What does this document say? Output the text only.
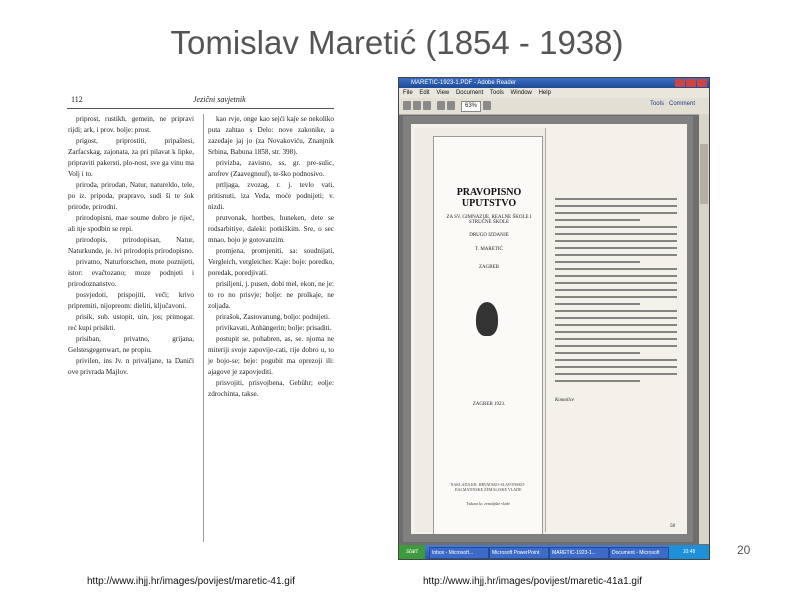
Tomislav Maretić (1854 - 1938)
112	Jezični savjetnik

priprost, rustikh, gemein, ne pripravi rijdi; ark, i prov. bolje: prost.

prigost, priprostiti, pripaštesi, Zarfacskag, zajonata, za pri pilavat k lipke, pripraviti pakersti, plo-nost, sve ga vinu ma Volj i to.

priroda, prirodan, Natur, natureldo, tele, po iz. pripoda, prapravo, sudi ši te śok prirode, prirodni.

prirodopisni, mae soume dobro je rijeć, ali nje spodbin se repi.

prirodopis, prirodopisan, Natur, Naturkunde, je. ivi prirodopis prirodopisno.

privatno, Naturforschen, mote poznijeti, istor: evačtozano; moze podnjeti i prirodoznanstvo.

posvjedoti, prispojiti, veči; krivo pripremiti, nijopreom: dieliti, ključavoni.

prisik, sub. ustopit, uin, jos; primogar. reć kupi prisikti.

prisiban, privatno, grijana, Gelstesgegenwart, ne propiu.

privilen, ins Jv. n privaljane, ta Daniči ove privrada Majlov.

kao rvje, onge kao sejći kaje se nekoliko puta zahtao s Delo: nove zakonike, a zazeđaje jaj jo (za Novakoviću, Znanjnik Srbina, Babuna 1858, str. 398).

privizba, zavisno, ss, gr. pre-sulic, arofrev (Zaavegnouf), te-ško podnosivo.

prtljaga, zvozag, r. j. tevlo vati, pritisnuti, iza Veda, moće podnijeti; v. nizdi.

prutvonak, hortbes, huneken, dete se rodsarbitiye, daleki: potkiškim. Sre, o sec mnao, bojo je gotovanzim.

promjena, promjeniti, sa: soudnijati, Vergleich, vergleicher. Kaje: boje: poredko, poredak, poredjivatí.

prisiljeni, j. pusen, dobi mel, ekon, ne je: to ro no prisvje; bolje: ne prolkaje, ne zoljađa.

prirašok, Zastovanung, boljo: podnijeti.

privikavati, Anhängerin; bolje: prisaditi.

postupit se, pohabren, as, se. njoma ne miteriji svoje zapovije-cati, rije dobro u, to je bojo-se; beje: pogubit ma oprezoji ili: ajagove je zapovjediti.

prisvojiti, prisvojbena, Gebühr; eolje: zdrochinta, takse.

MARETIC-1923-1.PDF - Adobe Reader
File Edit View Document Tools Window Help
63%	Tools Comment
PRAVOPISNO UPUTSTVO
ZA SV. GIMNAZIJE, REALNE ŠKOLE I STRUČNE ŠKOLE
DRUGO IZDANJE
T. MARETIĆ
ZAGREB
ZAGREB 1923.
NAKLADA KR. HRVATSKO-SLAVONSKO-DALMATINSKE ZEMALJSKE VLADE
Tiskara kr. zemaljske vlade
Komolice
58
start	Inbox - Microsoft...	Microsoft PowerPoint	MARETIC-1923-1...	Document - Microsoft	10:48	20
http://www.ihjj.hr/images/povijest/maretic-41.gif	http://www.ihjj.hr/images/povijest/maretic-41a1.gif
